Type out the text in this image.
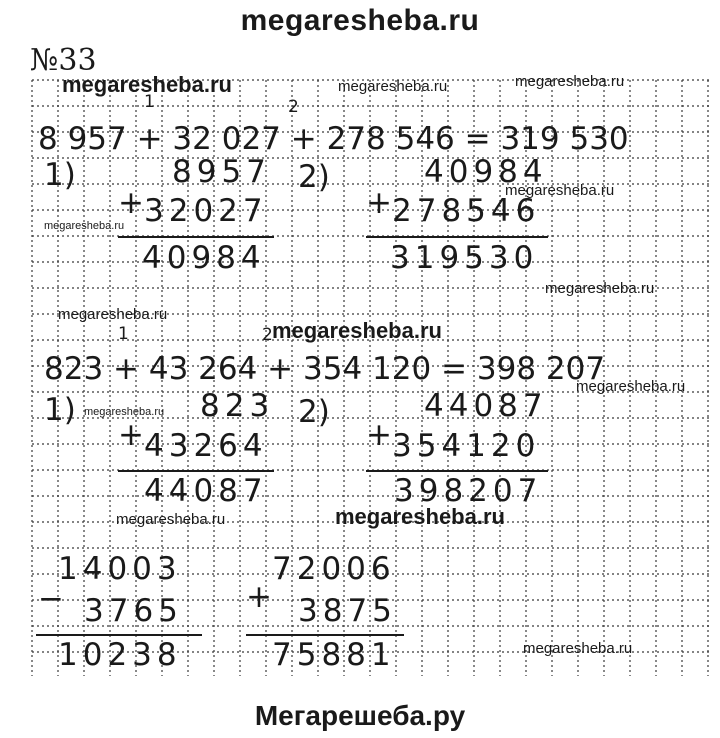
megaresheba.ru
№33
megaresheba.ru	megaresheba.ru	megaresheba.ru
megaresheba.ru
megaresheba.ru
megaresheba.ru
megaresheba.ru
megaresheba.ru
megaresheba.ru
megaresheba.ru
megaresheba.ru	megaresheba.ru
megaresheba.ru
1	2
8 957 + 32 027 + 278 546 = 319 530
1)	8957
+ 32027
40984
2)	40984
+ 278546
319530
1	2
823 + 43 264 + 354 120 = 398 207
1)	823
+ 43264
44087
2)	44087
+ 354120
398207
14003
− 3765
10238
72006
+ 3875
75881
Мегарешеба.ру
